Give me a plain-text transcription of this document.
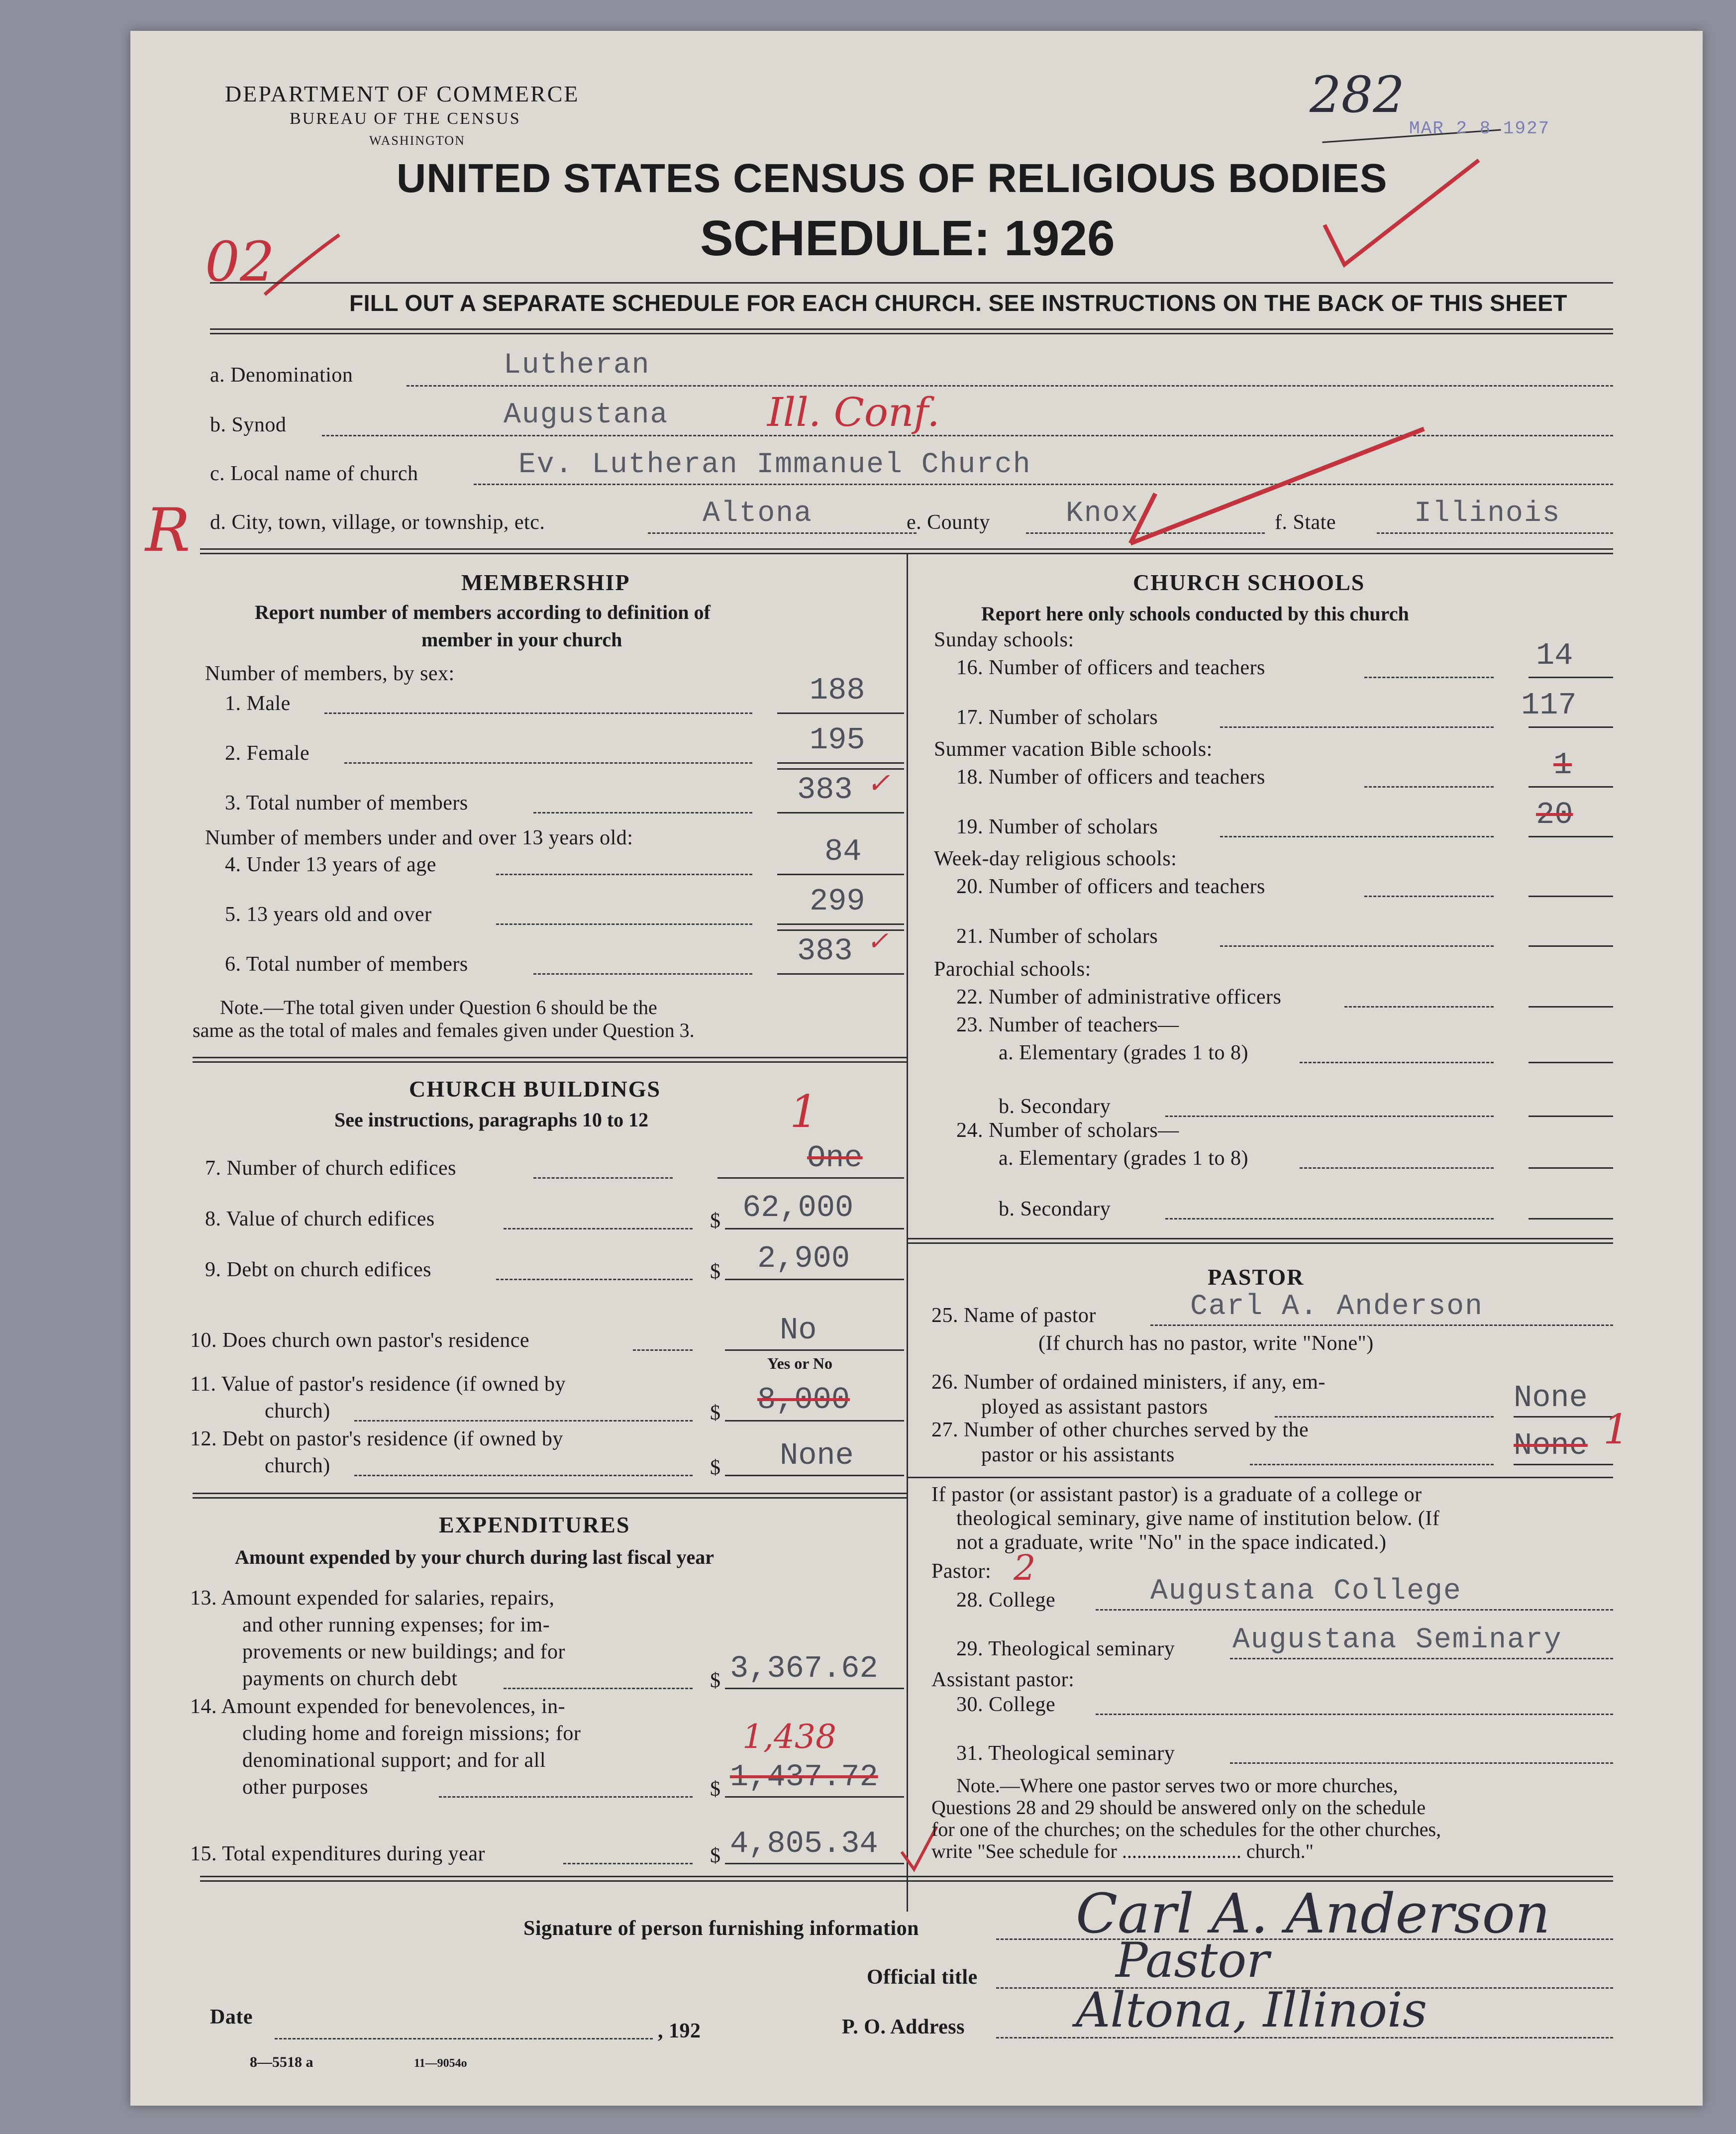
DEPARTMENT OF COMMERCE
BUREAU OF THE CENSUS
WASHINGTON
UNITED STATES CENSUS OF RELIGIOUS BODIES
SCHEDULE: 1926
282
MAR 2 8 1927
02
FILL OUT A SEPARATE SCHEDULE FOR EACH CHURCH. SEE INSTRUCTIONS ON THE BACK OF THIS SHEET
a. Denomination	Lutheran
b. Synod	Augustana Ill. Conf.
c. Local name of church	Ev. Lutheran Immanuel Church
R d. City, town, village, or township, etc.	Altona	e. County	Knox	f. State	Illinois
MEMBERSHIP
Report number of members according to definition of
member in your church
Number of members, by sex:
1. Male	188
2. Female	195
3. Total number of members	383 ✓
Number of members under and over 13 years old:
4. Under 13 years of age	84
5. 13 years old and over	299
6. Total number of members	383 ✓
Note.—The total given under Question 6 should be the
same as the total of males and females given under Question 3.
CHURCH BUILDINGS
See instructions, paragraphs 10 to 12	1
7. Number of church edifices	One
8. Value of church edifices	$ 62,000
9. Debt on church edifices	$ 2,900
10. Does church own pastor's residence	No
Yes or No
11. Value of pastor's residence (if owned by
church)	$ 8,000
12. Debt on pastor's residence (if owned by
church)	$ None
EXPENDITURES
Amount expended by your church during last fiscal year
13. Amount expended for salaries, repairs,
and other running expenses; for im-
provements or new buildings; and for
payments on church debt	$ 3,367.62
14. Amount expended for benevolences, in-
cluding home and foreign missions; for
denominational support; and for all
other purposes	$ 1,437.72
1,438
15. Total expenditures during year	$ 4,805.34
CHURCH SCHOOLS
Report here only schools conducted by this church
Sunday schools:
16. Number of officers and teachers	14
17. Number of scholars	117
Summer vacation Bible schools:
18. Number of officers and teachers	1
19. Number of scholars	20
Week-day religious schools:
20. Number of officers and teachers
21. Number of scholars
Parochial schools:
22. Number of administrative officers
23. Number of teachers—
a. Elementary (grades 1 to 8)
b. Secondary
24. Number of scholars—
a. Elementary (grades 1 to 8)
b. Secondary
PASTOR
25. Name of pastor	Carl A. Anderson
(If church has no pastor, write "None")
26. Number of ordained ministers, if any, em-
ployed as assistant pastors	None
27. Number of other churches served by the
pastor or his assistants	None 1
If pastor (or assistant pastor) is a graduate of a college or
theological seminary, give name of institution below. (If
not a graduate, write "No" in the space indicated.)
Pastor: 2
28. College	Augustana College
29. Theological seminary Augustana Seminary
Assistant pastor:
30. College
31. Theological seminary
Note.—Where one pastor serves two or more churches,
Questions 28 and 29 should be answered only on the schedule
for one of the churches; on the schedules for the other churches,
write "See schedule for ........................ church."
Signature of person furnishing information	Carl A. Anderson
Official title	Pastor
Date
, 192	P. O. Address Altona, Illinois
8—5518 a	11—9054o
